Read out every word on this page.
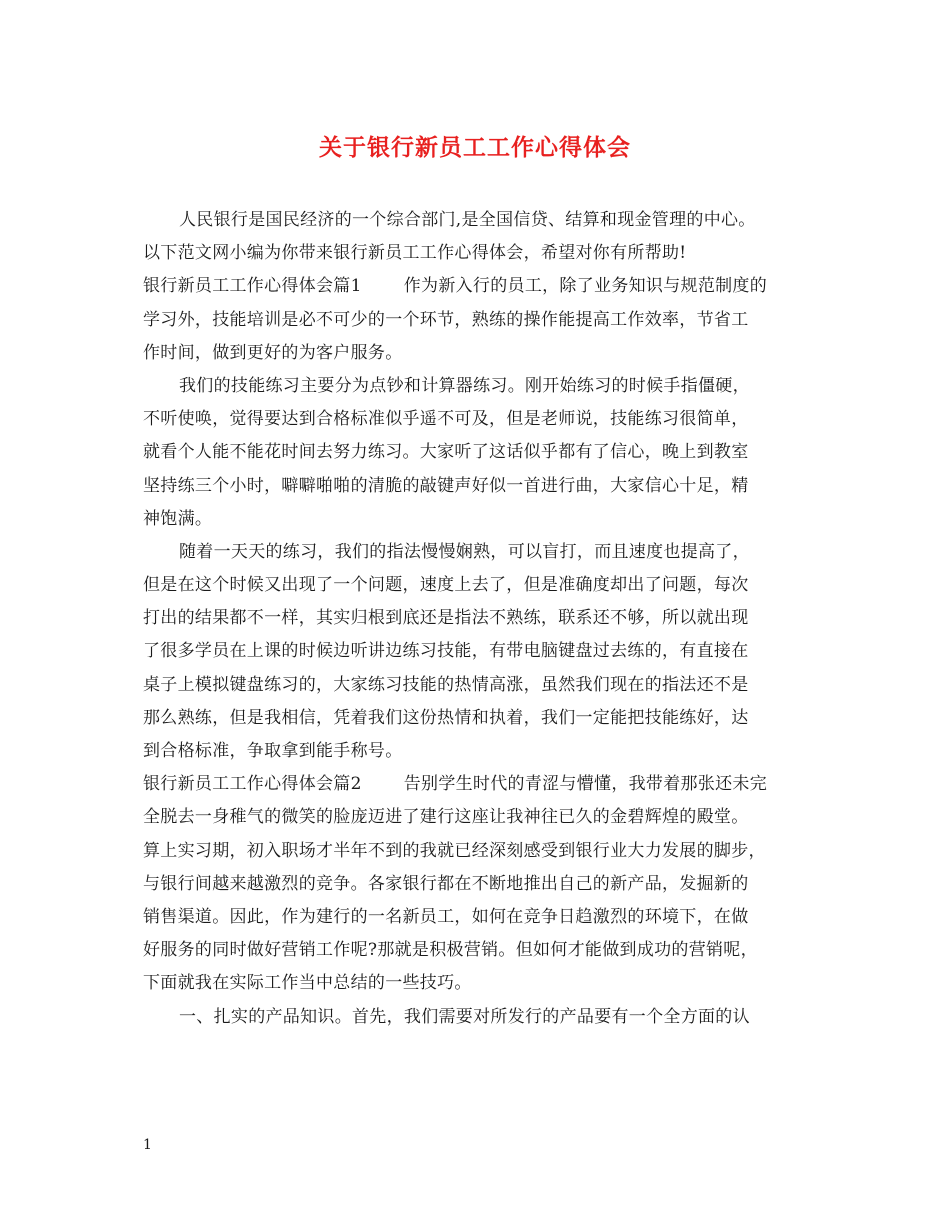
关于银行新员工工作心得体会
人民银行是国民经济的一个综合部门,是全国信贷、结算和现金管理的中心。
以下范文网小编为你带来银行新员工工作心得体会，希望对你有所帮助!
银行新员工工作心得体会篇1 作为新入行的员工，除了业务知识与规范制度的
学习外，技能培训是必不可少的一个环节，熟练的操作能提高工作效率，节省工
作时间，做到更好的为客户服务。
我们的技能练习主要分为点钞和计算器练习。刚开始练习的时候手指僵硬，
不听使唤，觉得要达到合格标准似乎遥不可及，但是老师说，技能练习很简单，
就看个人能不能花时间去努力练习。大家听了这话似乎都有了信心，晚上到教室
坚持练三个小时，噼噼啪啪的清脆的敲键声好似一首进行曲，大家信心十足，精
神饱满。
随着一天天的练习，我们的指法慢慢娴熟，可以盲打，而且速度也提高了，
但是在这个时候又出现了一个问题，速度上去了，但是准确度却出了问题，每次
打出的结果都不一样，其实归根到底还是指法不熟练，联系还不够，所以就出现
了很多学员在上课的时候边听讲边练习技能，有带电脑键盘过去练的，有直接在
桌子上模拟键盘练习的，大家练习技能的热情高涨，虽然我们现在的指法还不是
那么熟练，但是我相信，凭着我们这份热情和执着，我们一定能把技能练好，达
到合格标准，争取拿到能手称号。
银行新员工工作心得体会篇2 告别学生时代的青涩与懵懂，我带着那张还未完
全脱去一身稚气的微笑的脸庞迈进了建行这座让我神往已久的金碧辉煌的殿堂。
算上实习期，初入职场才半年不到的我就已经深刻感受到银行业大力发展的脚步，
与银行间越来越激烈的竞争。各家银行都在不断地推出自己的新产品，发掘新的
销售渠道。因此，作为建行的一名新员工，如何在竞争日趋激烈的环境下，在做
好服务的同时做好营销工作呢?那就是积极营销。但如何才能做到成功的营销呢，
下面就我在实际工作当中总结的一些技巧。
一、扎实的产品知识。首先，我们需要对所发行的产品要有一个全方面的认
1
